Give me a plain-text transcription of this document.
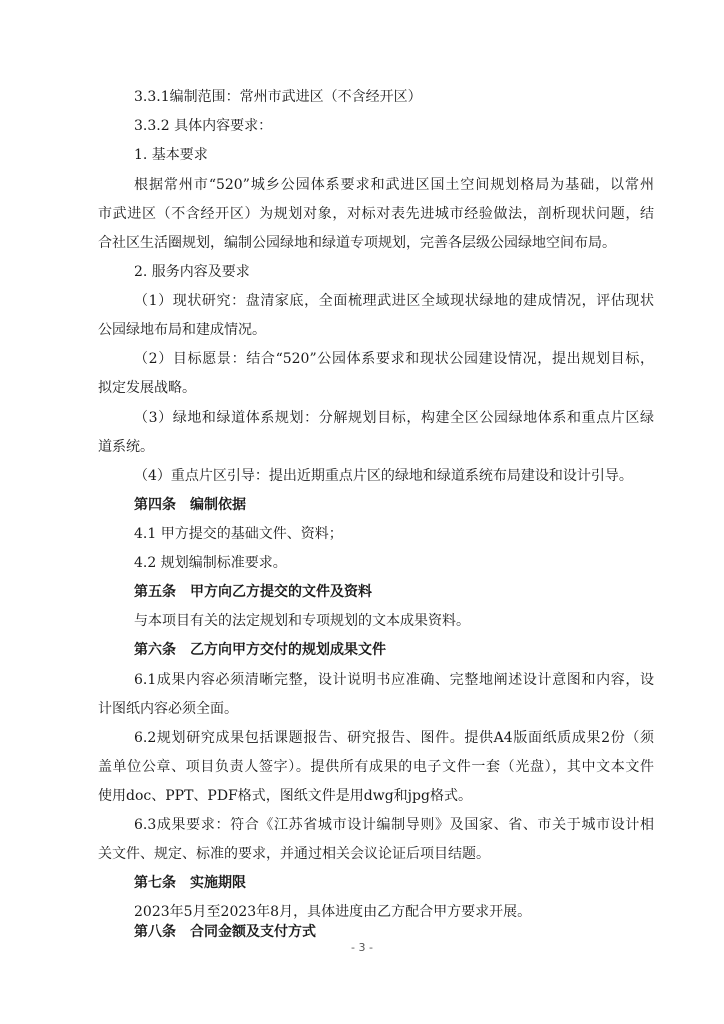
3.3.1编制范围：常州市武进区（不含经开区）
3.3.2 具体内容要求：
1. 基本要求
根据常州市“520”城乡公园体系要求和武进区国土空间规划格局为基础，以常州
市武进区（不含经开区）为规划对象，对标对表先进城市经验做法，剖析现状问题，结
合社区生活圈规划，编制公园绿地和绿道专项规划，完善各层级公园绿地空间布局。
2. 服务内容及要求
（1）现状研究：盘清家底，全面梳理武进区全域现状绿地的建成情况，评估现状
公园绿地布局和建成情况。
（2）目标愿景：结合“520”公园体系要求和现状公园建设情况，提出规划目标，
拟定发展战略。
（3）绿地和绿道体系规划：分解规划目标，构建全区公园绿地体系和重点片区绿
道系统。
（4）重点片区引导：提出近期重点片区的绿地和绿道系统布局建设和设计引导。
第四条　编制依据
4.1 甲方提交的基础文件、资料；
4.2 规划编制标准要求。
第五条　甲方向乙方提交的文件及资料
与本项目有关的法定规划和专项规划的文本成果资料。
第六条　乙方向甲方交付的规划成果文件
6.1成果内容必须清晰完整，设计说明书应准确、完整地阐述设计意图和内容，设
计图纸内容必须全面。
6.2规划研究成果包括课题报告、研究报告、图件。提供A4版面纸质成果2份（须
盖单位公章、项目负责人签字）。提供所有成果的电子文件一套（光盘），其中文本文件
使用doc、PPT、PDF格式，图纸文件是用dwg和jpg格式。
6.3成果要求：符合《江苏省城市设计编制导则》及国家、省、市关于城市设计相
关文件、规定、标准的要求，并通过相关会议论证后项目结题。
第七条　实施期限
2023年5月至2023年8月，具体进度由乙方配合甲方要求开展。
第八条　合同金额及支付方式
- 3 -
